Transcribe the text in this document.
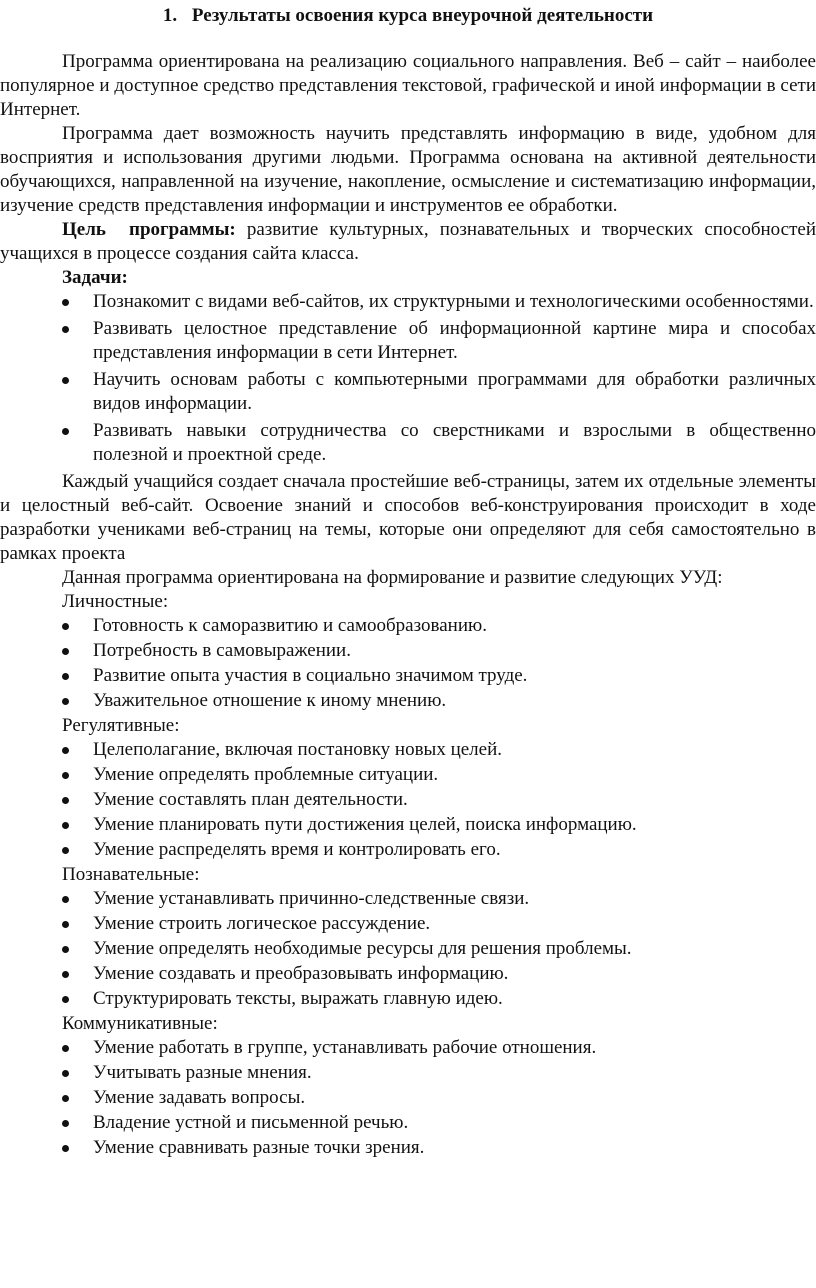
1. Результаты освоения курса внеурочной деятельности

Программа ориентирована на реализацию социального направления. Веб – сайт – наиболее популярное и доступное средство представления текстовой, графической и иной информации в сети Интернет.

Программа дает возможность научить представлять информацию в виде, удобном для восприятия и использования другими людьми. Программа основана на активной деятельности обучающихся, направленной на изучение, накопление, осмысление и систематизацию информации, изучение средств представления информации и инструментов ее обработки.

Цель программы: развитие культурных, познавательных и творческих способностей учащихся в процессе создания сайта класса.

Задачи:

Познакомит с видами веб-сайтов, их структурными и технологическими особенностями.
Развивать целостное представление об информационной картине мира и способах представления информации в сети Интернет.
Научить основам работы с компьютерными программами для обработки различных видов информации.
Развивать навыки сотрудничества со сверстниками и взрослыми в общественно полезной и проектной среде.

Каждый учащийся создает сначала простейшие веб-страницы, затем их отдельные элементы и целостный веб-сайт. Освоение знаний и способов веб-конструирования происходит в ходе разработки учениками веб-страниц на темы, которые они определяют для себя самостоятельно в рамках проекта

Данная программа ориентирована на формирование и развитие следующих УУД:

Личностные:

Готовность к саморазвитию и самообразованию.
Потребность в самовыражении.
Развитие опыта участия в социально значимом труде.
Уважительное отношение к иному мнению.

Регулятивные:

Целеполагание, включая постановку новых целей.
Умение определять проблемные ситуации.
Умение составлять план деятельности.
Умение планировать пути достижения целей, поиска информацию.
Умение распределять время и контролировать его.

Познавательные:

Умение устанавливать причинно-следственные связи.
Умение строить логическое рассуждение.
Умение определять необходимые ресурсы для решения проблемы.
Умение создавать и преобразовывать информацию.
Структурировать тексты, выражать главную идею.

Коммуникативные:

Умение работать в группе, устанавливать рабочие отношения.
Учитывать разные мнения.
Умение задавать вопросы.
Владение устной и письменной речью.
Умение сравнивать разные точки зрения.
